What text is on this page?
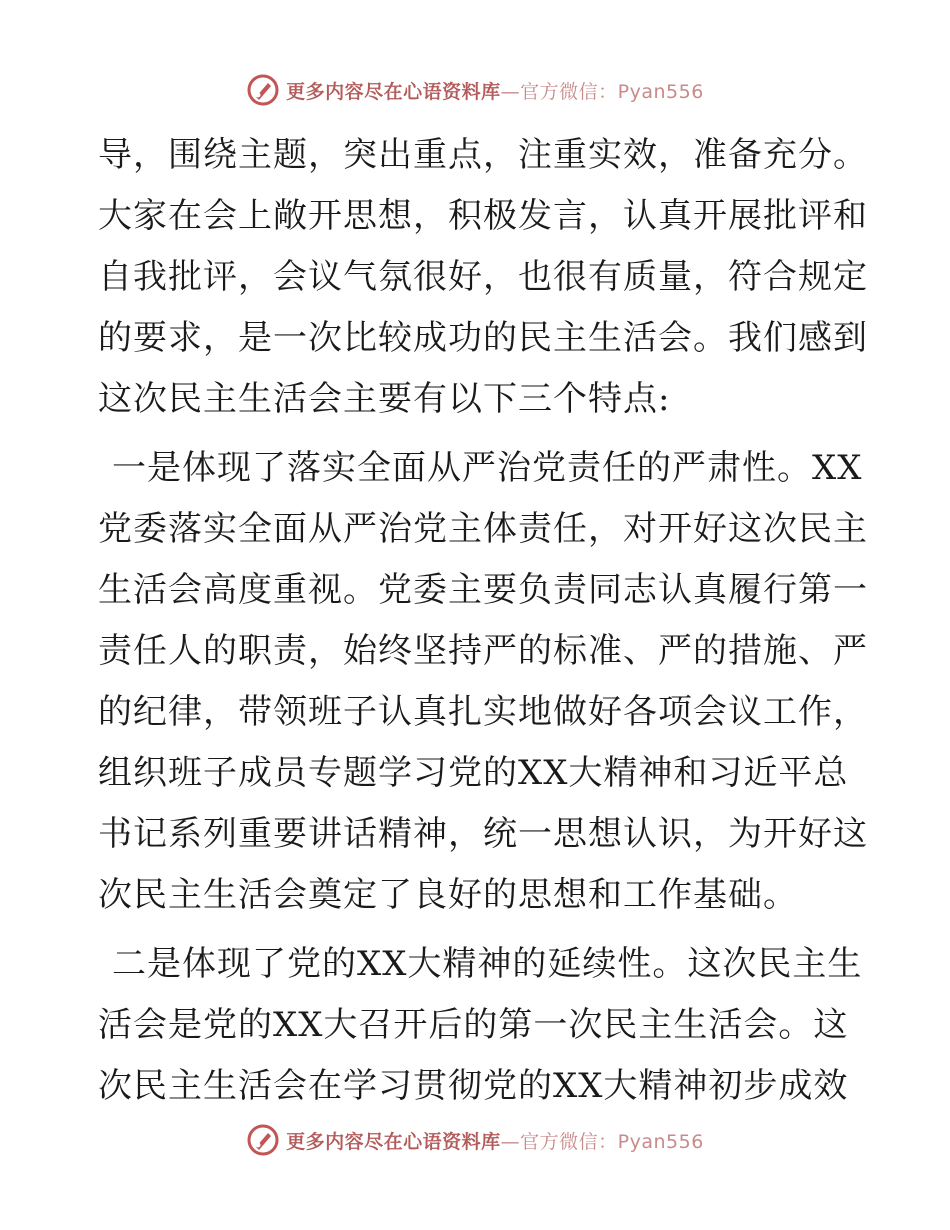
更多内容尽在心语资料库—官方微信：Pyan556
导，围绕主题，突出重点，注重实效，准备充分。
大家在会上敞开思想，积极发言，认真开展批评和
自我批评，会议气氛很好，也很有质量，符合规定
的要求，是一次比较成功的民主生活会。我们感到
这次民主生活会主要有以下三个特点:
一是体现了落实全面从严治党责任的严肃性。XX
党委落实全面从严治党主体责任，对开好这次民主
生活会高度重视。党委主要负责同志认真履行第一
责任人的职责，始终坚持严的标准、严的措施、严
的纪律，带领班子认真扎实地做好各项会议工作，
组织班子成员专题学习党的XX大精神和习近平总
书记系列重要讲话精神，统一思想认识，为开好这
次民主生活会奠定了良好的思想和工作基础。
二是体现了党的XX大精神的延续性。这次民主生
活会是党的XX大召开后的第一次民主生活会。这
次民主生活会在学习贯彻党的XX大精神初步成效
更多内容尽在心语资料库—官方微信：Pyan556
